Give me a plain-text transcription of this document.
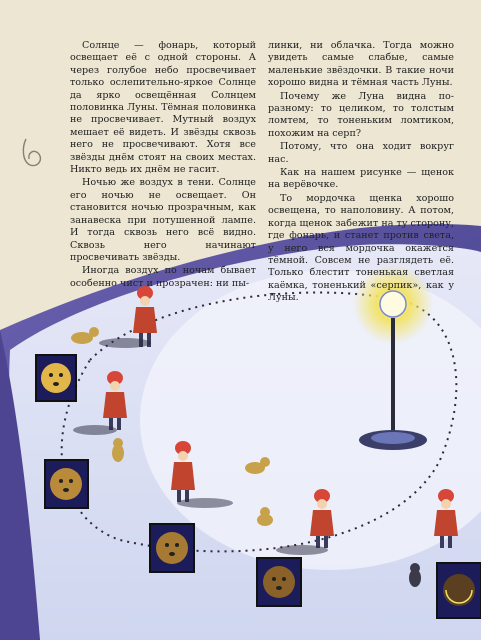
Солнце — фонарь, который освещает её с одной стороны. А через голубое небо просвечивает только ослепительно-яркое Солнце да ярко освещённая Солнцем половинка Луны. Тёмная половинка не просвечивает. Мутный воздух мешает её видеть. И звёзды сквозь него не просвечивают. Хотя все звёзды днём стоят на своих местах. Никто ведь их днём не гасит.

Ночью же воздух в тени. Солнце его ночью не освещает. Он становится ночью прозрачным, как занавеска при потушенной лампе. И тогда сквозь него всё видно. Сквозь него начинают просвечивать звёзды.

Иногда воздух по ночам бывает особенно чист и прозрачен: ни пы-

линки, ни облачка. Тогда можно увидеть самые слабые, самые маленькие звёздочки. В такие ночи хорошо видна и тёмная часть Луны.

Почему же Луна видна по-разному: то целиком, то толстым ломтем, то тоненьким ломтиком, похожим на серп?

Потому, что она ходит вокруг нас.

Как на нашем рисунке — щенок на верёвочке.

То мордочка щенка хорошо освещена, то наполовину. А потом, когда щенок забежит на ту сторону, где фонарь, и станет против света, у него вся мордочка окажется тёмной. Совсем не разглядеть её. Только блестит тоненькая светлая каёмка, тоненький «серпик», как у Луны.
